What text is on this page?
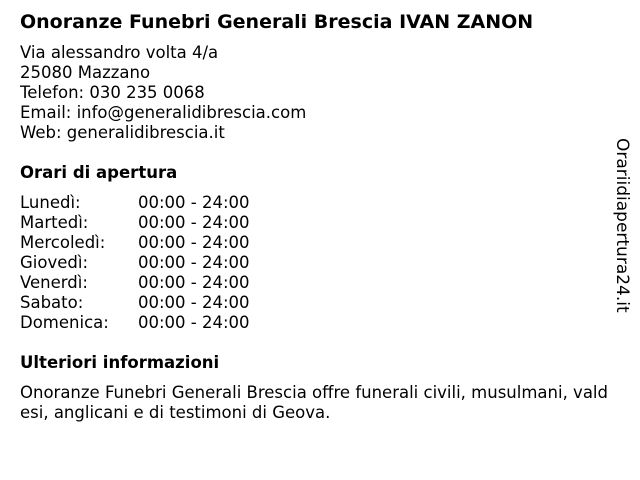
Onoranze Funebri Generali Brescia IVAN ZANON
Via alessandro volta 4/a
25080 Mazzano
Telefon: 030 235 0068
Email: info@generalidibrescia.com
Web: generalidibrescia.it
Orari di apertura
Lunedì:	00:00 - 24:00
Martedì:	00:00 - 24:00
Mercoledì: 00:00 - 24:00
Giovedì:	00:00 - 24:00
Venerdì:	00:00 - 24:00
Sabato:	00:00 - 24:00
Domenica: 00:00 - 24:00
Ulteriori informazioni
Onoranze Funebri Generali Brescia offre funerali civili, musulmani, valdesi, anglicani e di testimoni di Geova.
Orariidiapertura24.it
